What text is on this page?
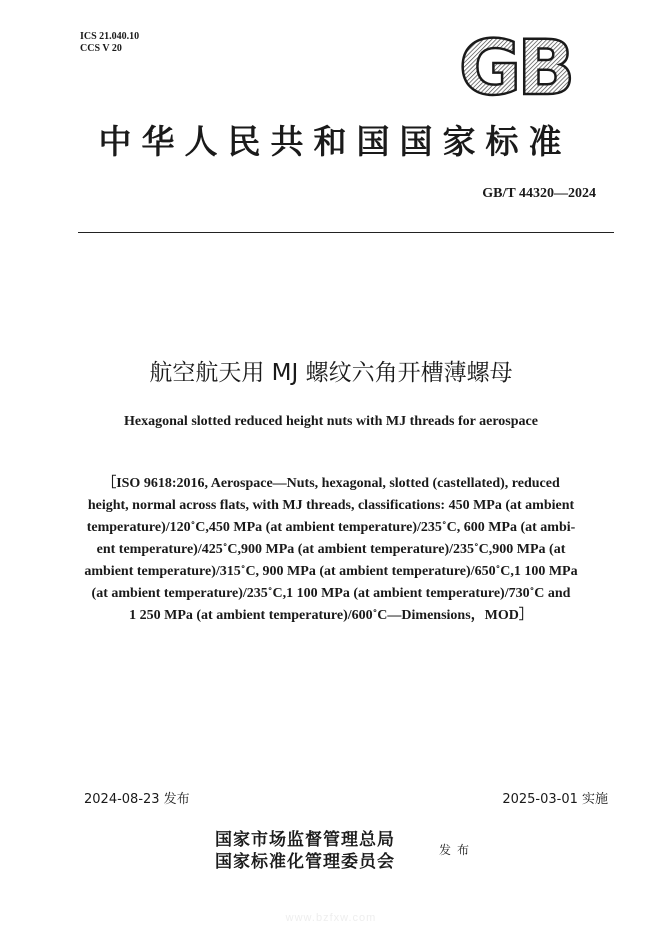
ICS 21.040.10
CCS V 20	GB
中华人民共和国国家标准
GB/T 44320—2024
航空航天用 MJ 螺纹六角开槽薄螺母
Hexagonal slotted reduced height nuts with MJ threads for aerospace
［ISO 9618:2016, Aerospace—Nuts, hexagonal, slotted (castellated), reduced
height, normal across flats, with MJ threads, classifications: 450 MPa (at ambient
temperature)/120˚C,450 MPa (at ambient temperature)/235˚C, 600 MPa (at ambi-
ent temperature)/425˚C,900 MPa (at ambient temperature)/235˚C,900 MPa (at
ambient temperature)/315˚C, 900 MPa (at ambient temperature)/650˚C,1 100 MPa
(at ambient temperature)/235˚C,1 100 MPa (at ambient temperature)/730˚C and
1 250 MPa (at ambient temperature)/600˚C—Dimensions，MOD］
2024-08-23 发布	2025-03-01 实施
国家市场监督管理总局
国家标准化管理委员会
发布
www.bzfxw.com
